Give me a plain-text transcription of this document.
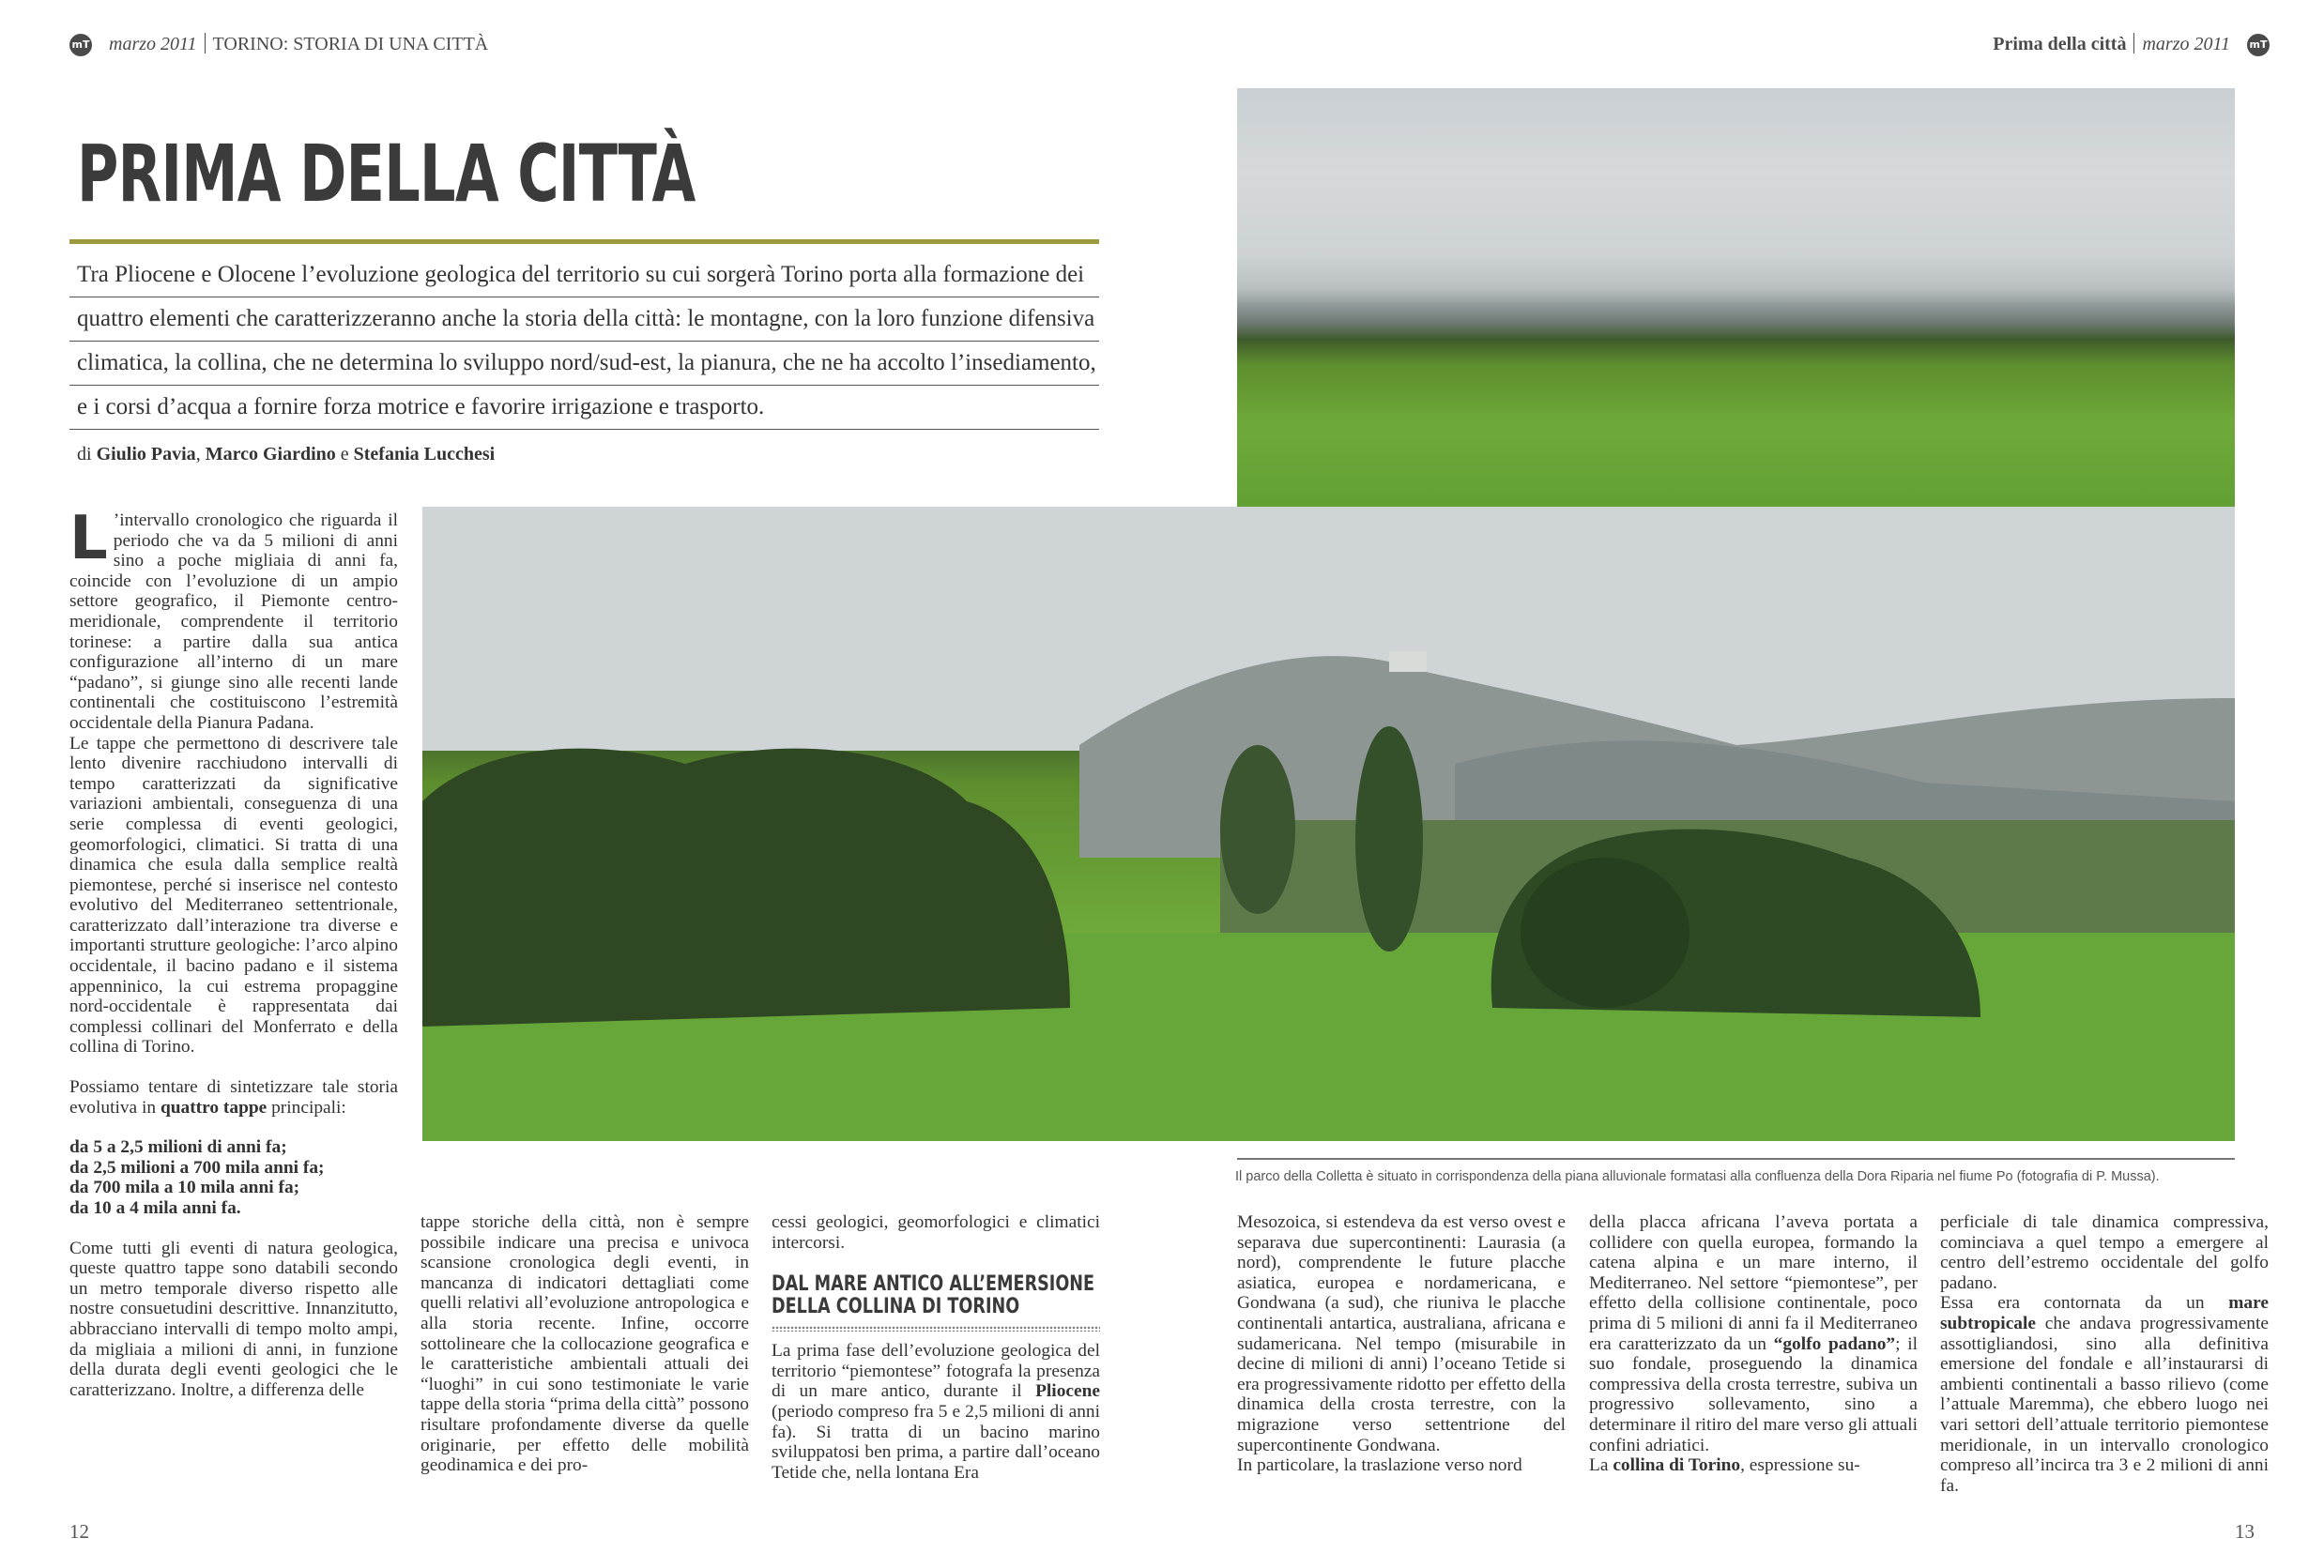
mT marzo 2011 TORINO: STORIA DI UNA CITTÀ	Prima della città marzo 2011 mT
Il parco della Colletta è situato in corrispondenza della piana alluvionale formatasi alla confluenza della Dora Riparia nel fiume Po (fotografia di P. Mussa).
PRIMA DELLA CITTÀ
Tra Pliocene e Olocene l’evoluzione geologica del territorio su cui sorgerà Torino porta alla formazione dei
quattro elementi che caratterizzeranno anche la storia della città: le montagne, con la loro funzione difensiva
climatica, la collina, che ne determina lo sviluppo nord/sud-est, la pianura, che ne ha accolto l’insediamento,
e i corsi d’acqua a fornire forza motrice e favorire irrigazione e trasporto.
di Giulio Pavia, Marco Giardino e Stefania Lucchesi

L ’intervallo cronologico che riguarda il periodo che va da 5 milioni di anni sino a poche migliaia di anni fa, coincide con l’evoluzione di un ampio settore geografico, il Piemonte centro-meridionale, comprendente il territorio torinese: a partire dalla sua antica configurazione all’interno di un mare “padano”, si giunge sino alle recenti lande continentali che costituiscono l’estremità occidentale della Pianura Padana.

Le tappe che permettono di descrivere tale lento divenire racchiudono intervalli di tempo caratterizzati da significative variazioni ambientali, conseguenza di una serie complessa di eventi geologici, geomorfologici, climatici. Si tratta di una dinamica che esula dalla semplice realtà piemontese, perché si inserisce nel contesto evolutivo del Mediterraneo settentrionale, caratterizzato dall’interazione tra diverse e importanti strutture geologiche: l’arco alpino occidentale, il bacino padano e il sistema appenninico, la cui estrema propaggine nord-occidentale è rappresentata dai complessi collinari del Monferrato e della collina di Torino.

Possiamo tentare di sintetizzare tale storia evolutiva in quattro tappe principali:

da 5 a 2,5 milioni di anni fa;
da 2,5 milioni a 700 mila anni fa;
da 700 mila a 10 mila anni fa;
da 10 a 4 mila anni fa.

Come tutti gli eventi di natura geologica, queste quattro tappe sono databili secondo un metro temporale diverso rispetto alle nostre consuetudini descrittive. Innanzitutto, abbracciano intervalli di tempo molto ampi, da migliaia a milioni di anni, in funzione della durata degli eventi geologici che le caratterizzano. Inoltre, a differenza delle

tappe storiche della città, non è sempre possibile indicare una precisa e univoca scansione cronologica degli eventi, in mancanza di indicatori dettagliati come quelli relativi all’evoluzione antropologica e alla storia recente. Infine, occorre sottolineare che la collocazione geografica e le caratteristiche ambientali attuali dei “luoghi” in cui sono testimoniate le varie tappe della storia “prima della città” possono risultare profondamente diverse da quelle originarie, per effetto delle mobilità geodinamica e dei pro-

cessi geologici, geomorfologici e climatici intercorsi.

DAL MARE ANTICO ALL’EMERSIONE
DELLA COLLINA DI TORINO

La prima fase dell’evoluzione geologica del territorio “piemontese” fotografa la presenza di un mare antico, durante il Pliocene (periodo compreso fra 5 e 2,5 milioni di anni fa). Si tratta di un bacino marino sviluppatosi ben prima, a partire dall’oceano Tetide che, nella lontana Era

Mesozoica, si estendeva da est verso ovest e separava due supercontinenti: Laurasia (a nord), comprendente le future placche asiatica, europea e nordamericana, e Gondwana (a sud), che riuniva le placche continentali antartica, australiana, africana e sudamericana. Nel tempo (misurabile in decine di milioni di anni) l’oceano Tetide si era progressivamente ridotto per effetto della dinamica della crosta terrestre, con la migrazione verso settentrione del supercontinente Gondwana.

In particolare, la traslazione verso nord

della placca africana l’aveva portata a collidere con quella europea, formando la catena alpina e un mare interno, il Mediterraneo. Nel settore “piemontese”, per effetto della collisione continentale, poco prima di 5 milioni di anni fa il Mediterraneo era caratterizzato da un “golfo padano”; il suo fondale, proseguendo la dinamica compressiva della crosta terrestre, subiva un progressivo sollevamento, sino a determinare il ritiro del mare verso gli attuali confini adriatici.

La collina di Torino, espressione su-

perficiale di tale dinamica compressiva, cominciava a quel tempo a emergere al centro dell’estremo occidentale del golfo padano.

Essa era contornata da un mare subtropicale che andava progressivamente assottigliandosi, sino alla definitiva emersione del fondale e all’instaurarsi di ambienti continentali a basso rilievo (come l’attuale Maremma), che ebbero luogo nei vari settori dell’attuale territorio piemontese meridionale, in un intervallo cronologico compreso all’incirca tra 3 e 2 milioni di anni fa.

12	13
